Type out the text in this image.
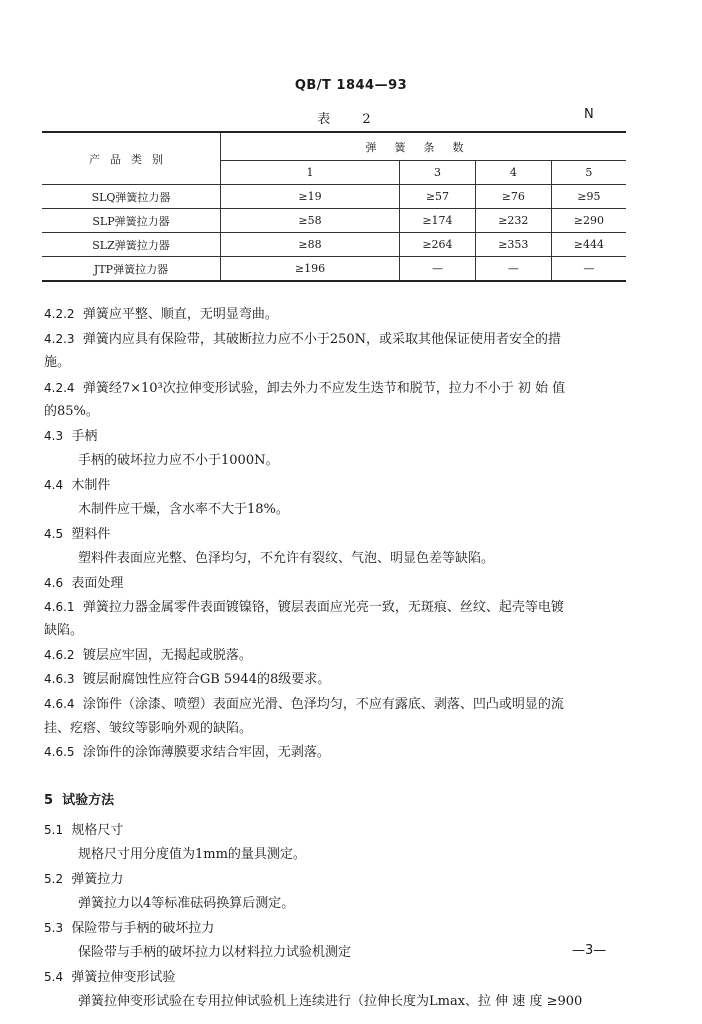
QB/T 1844—93
表 2	N
产品类别	弹簧条数			
	1	3	4	5
SLQ弹簧拉力器	≥19	≥57	≥76	≥95
SLP弹簧拉力器	≥58	≥174	≥232	≥290
SLZ弹簧拉力器	≥88	≥264	≥353	≥444
JTP弹簧拉力器	≥196	—	—	—
4.2.2 弹簧应平整、顺直，无明显弯曲。
4.2.3 弹簧内应具有保险带，其破断拉力应不小于250N，或采取其他保证使用者安全的措
施。
4.2.4 弹簧经7×10³次拉伸变形试验，卸去外力不应发生迭节和脱节，拉力不小于 初 始 值
的85%。
4.3 手柄
手柄的破坏拉力应不小于1000N。
4.4 木制件
木制件应干燥，含水率不大于18%。
4.5 塑料件
塑料件表面应光整、色泽均匀，不允许有裂纹、气泡、明显色差等缺陷。
4.6 表面处理
4.6.1 弹簧拉力器金属零件表面镀镍铬，镀层表面应光亮一致，无斑痕、丝纹、起壳等电镀
缺陷。
4.6.2 镀层应牢固，无揭起或脱落。
4.6.3 镀层耐腐蚀性应符合GB 5944的8级要求。
4.6.4 涂饰件（涂漆、喷塑）表面应光滑、色泽均匀，不应有露底、剥落、凹凸或明显的流
挂、疙瘩、皱纹等影响外观的缺陷。
4.6.5 涂饰件的涂饰薄膜要求结合牢固，无剥落。
5 试验方法
5.1 规格尺寸
规格尺寸用分度值为1mm的量具测定。
5.2 弹簧拉力
弹簧拉力以4等标准砝码换算后测定。
5.3 保险带与手柄的破坏拉力
保险带与手柄的破坏拉力以材料拉力试验机测定
5.4 弹簧拉伸变形试验
弹簧拉伸变形试验在专用拉伸试验机上连续进行（拉伸长度为Lmax、拉 伸 速 度 ≥900
—3—
